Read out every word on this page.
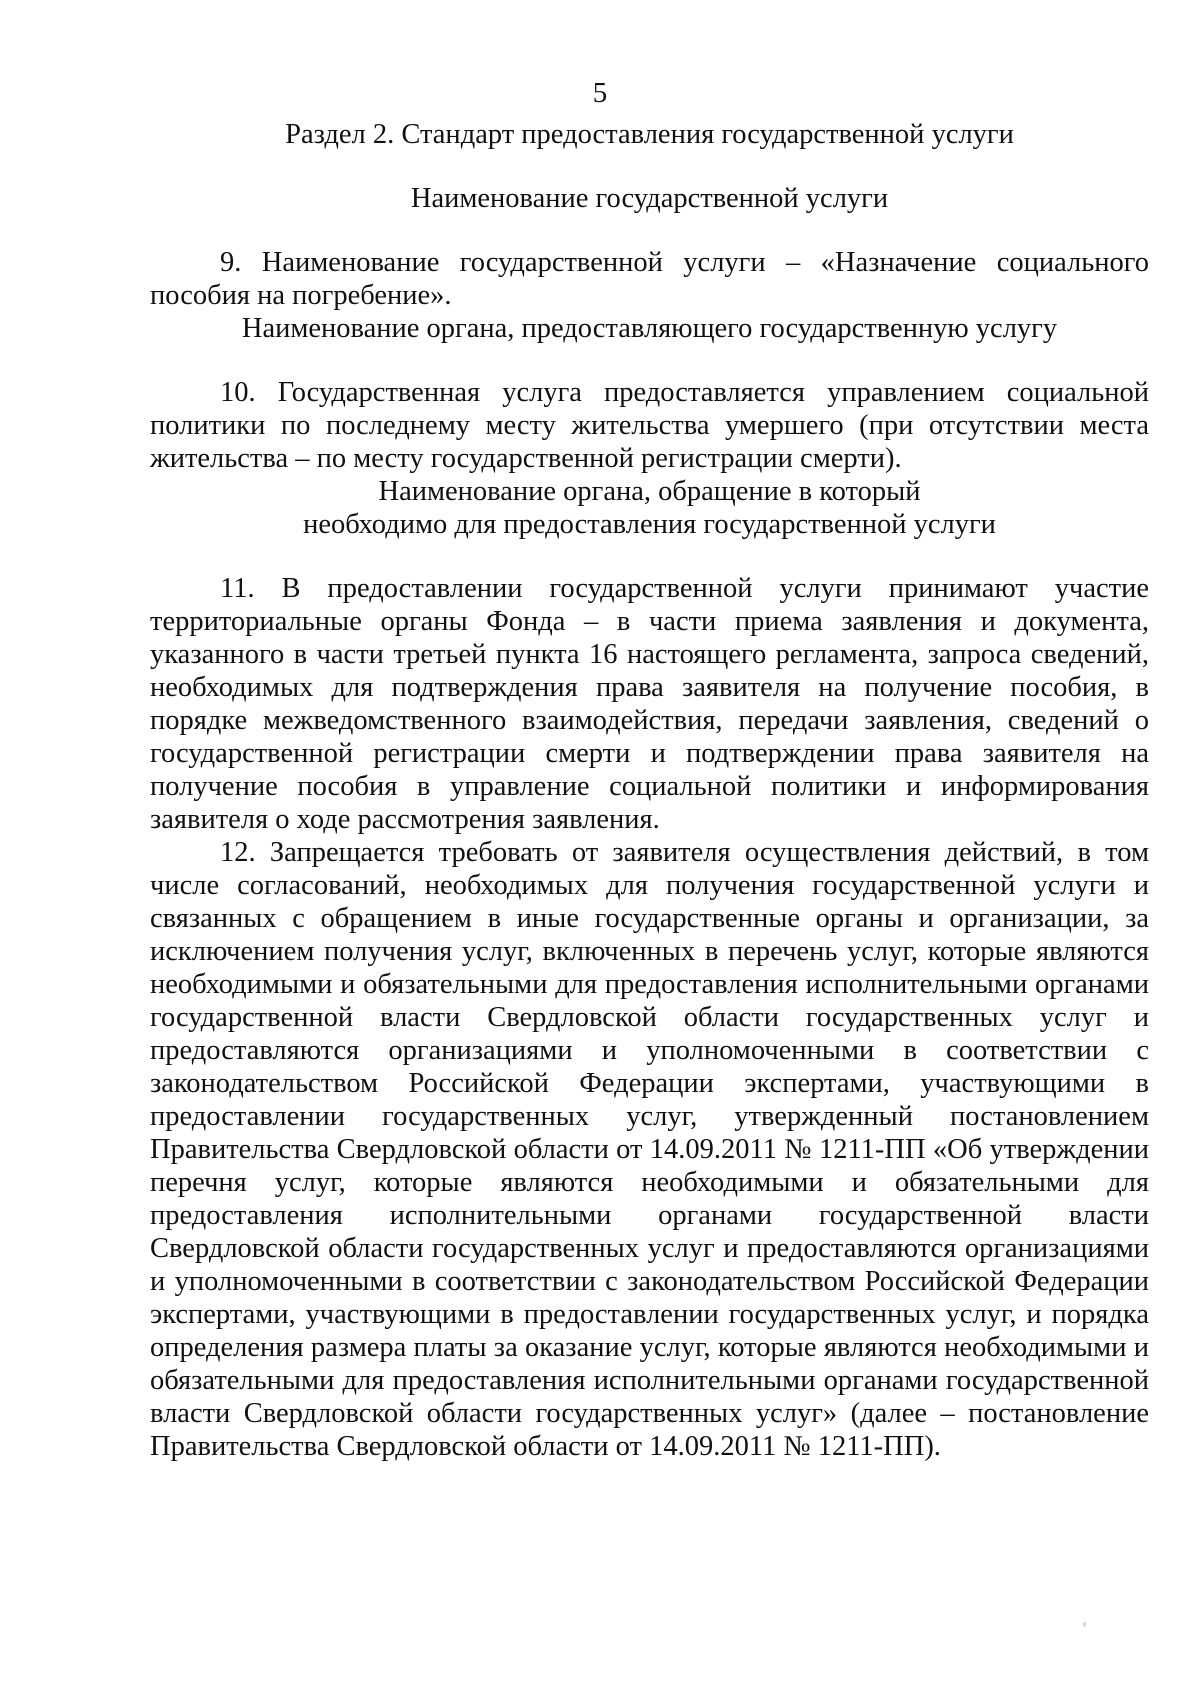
5
Раздел 2. Стандарт предоставления государственной услуги
Наименование государственной услуги

9. Наименование государственной услуги – «Назначение социального пособия на погребение».

Наименование органа, предоставляющего государственную услугу

10. Государственная услуга предоставляется управлением социальной политики по последнему месту жительства умершего (при отсутствии места жительства – по месту государственной регистрации смерти).

Наименование органа, обращение в который
необходимо для предоставления государственной услуги

11. В предоставлении государственной услуги принимают участие территориальные органы Фонда – в части приема заявления и документа, указанного в части третьей пункта 16 настоящего регламента, запроса сведений, необходимых для подтверждения права заявителя на получение пособия, в порядке межведомственного взаимодействия, передачи заявления, сведений о государственной регистрации смерти и подтверждении права заявителя на получение пособия в управление социальной политики и информирования заявителя о ходе рассмотрения заявления.

12. Запрещается требовать от заявителя осуществления действий, в том числе согласований, необходимых для получения государственной услуги и связанных с обращением в иные государственные органы и организации, за исключением получения услуг, включенных в перечень услуг, которые являются необходимыми и обязательными для предоставления исполнительными органами государственной власти Свердловской области государственных услуг и предоставляются организациями и уполномоченными в соответствии с законодательством Российской Федерации экспертами, участвующими в предоставлении государственных услуг, утвержденный постановлением Правительства Свердловской области от 14.09.2011 № 1211-ПП «Об утверждении перечня услуг, которые являются необходимыми и обязательными для предоставления исполнительными органами государственной власти Свердловской области государственных услуг и предоставляются организациями и уполномоченными в соответствии с законодательством Российской Федерации экспертами, участвующими в предоставлении государственных услуг, и порядка определения размера платы за оказание услуг, которые являются необходимыми и обязательными для предоставления исполнительными органами государственной власти Свердловской области государственных услуг» (далее – постановление Правительства Свердловской области от 14.09.2011 № 1211-ПП).
